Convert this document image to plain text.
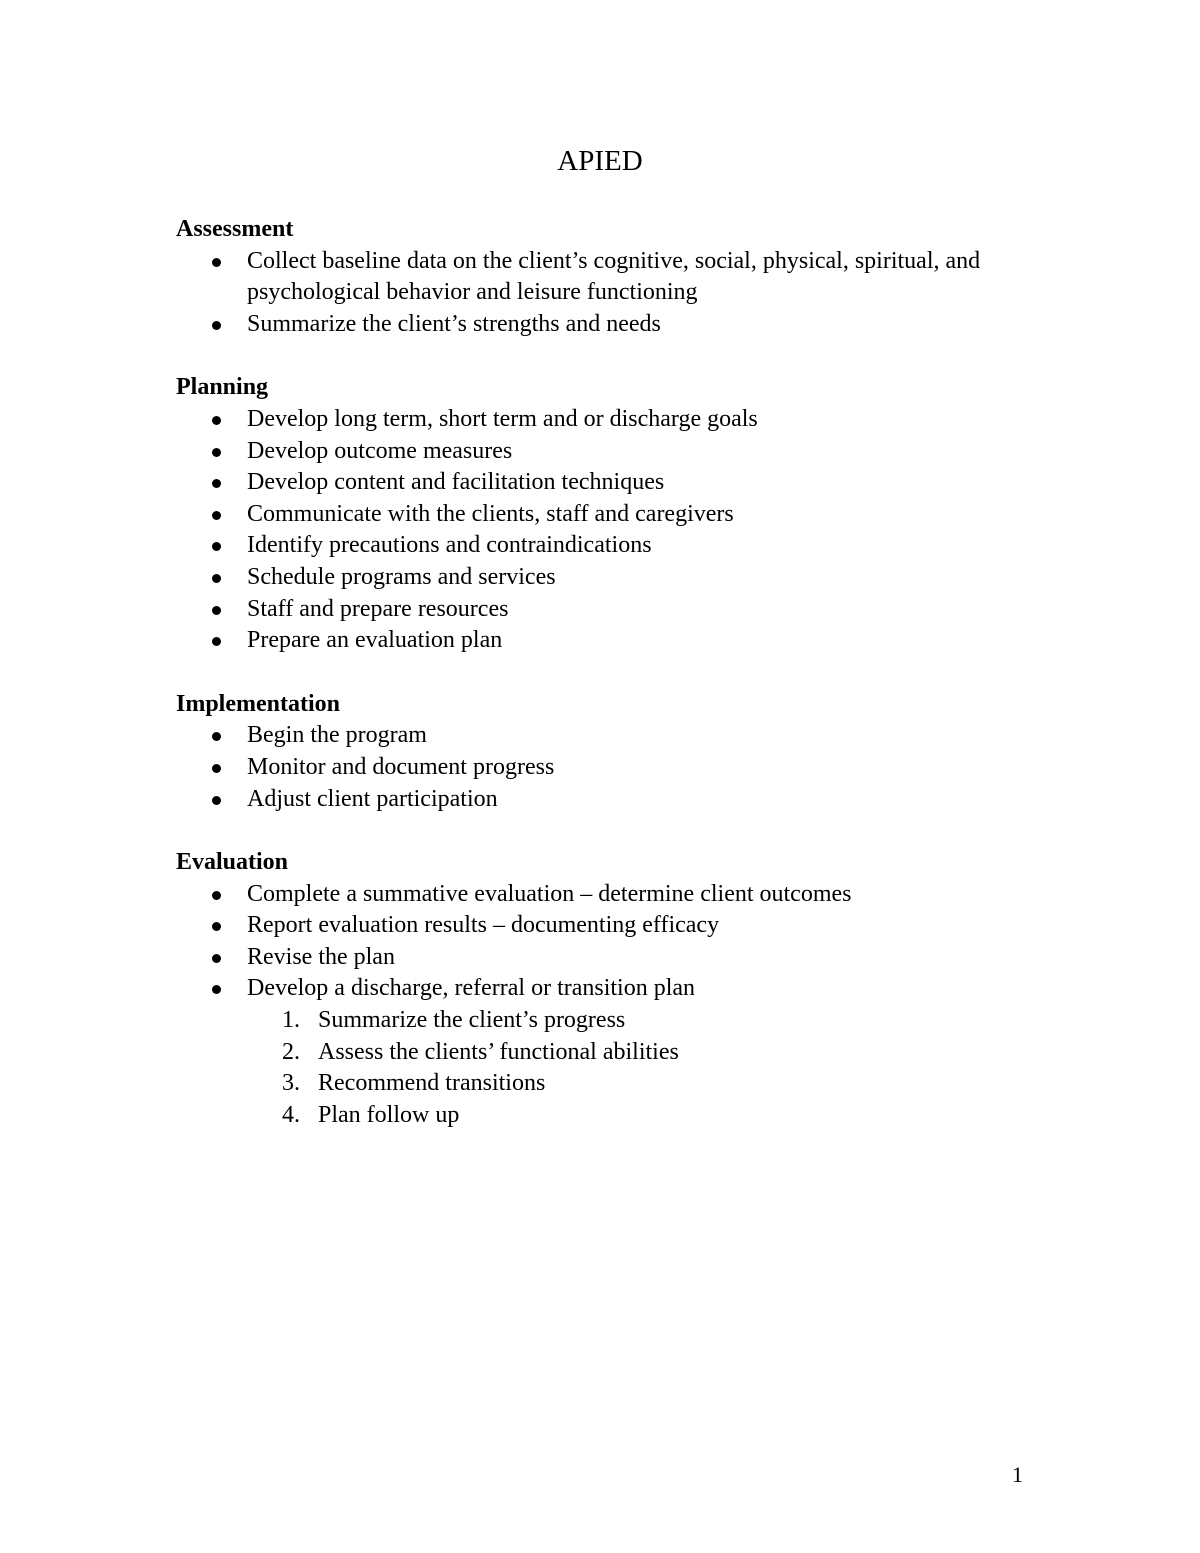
APIED
Assessment
Collect baseline data on the client’s cognitive, social, physical, spiritual, and psychological behavior and leisure functioning
Summarize the client’s strengths and needs
Planning
Develop long term, short term and or discharge goals
Develop outcome measures
Develop content and facilitation techniques
Communicate with the clients, staff and caregivers
Identify precautions and contraindications
Schedule programs and services
Staff and prepare resources
Prepare an evaluation plan
Implementation
Begin the program
Monitor and document progress
Adjust client participation
Evaluation
Complete a summative evaluation – determine client outcomes
Report evaluation results – documenting efficacy
Revise the plan
Develop a discharge, referral or transition plan
1. Summarize the client’s progress
2. Assess the clients’ functional abilities
3. Recommend transitions
4. Plan follow up
1
